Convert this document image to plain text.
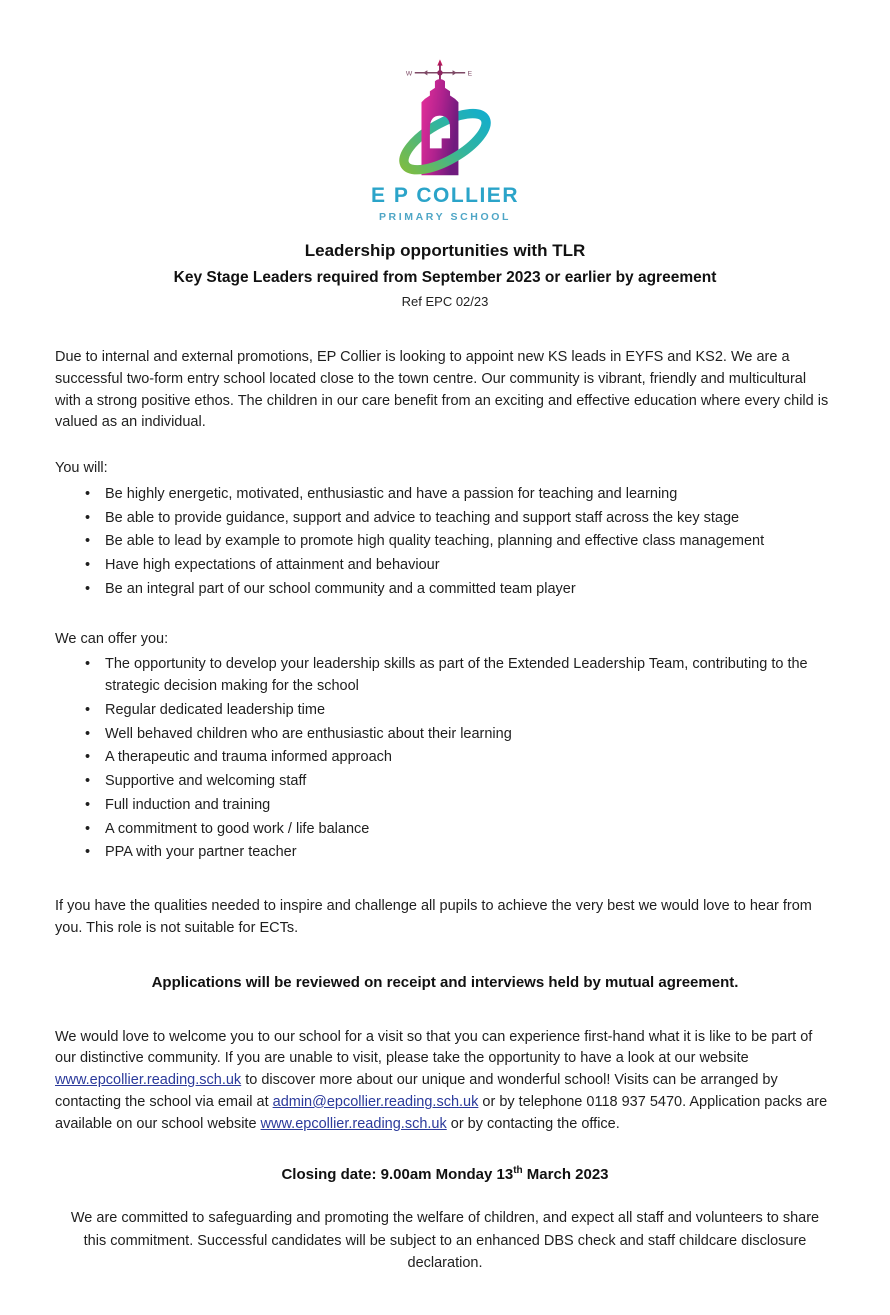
W	E
E P COLLIER
PRIMARY SCHOOL
Leadership opportunities with TLR
Key Stage Leaders required from September 2023 or earlier by agreement
Ref EPC 02/23

Due to internal and external promotions, EP Collier is looking to appoint new KS leads in EYFS and KS2. We are a successful two-form entry school located close to the town centre. Our community is vibrant, friendly and multicultural with a strong positive ethos. The children in our care benefit from an exciting and effective education where every child is valued as an individual.

You will:

• Be highly energetic, motivated, enthusiastic and have a passion for teaching and learning
• Be able to provide guidance, support and advice to teaching and support staff across the key stage
• Be able to lead by example to promote high quality teaching, planning and effective class management
• Have high expectations of attainment and behaviour
• Be an integral part of our school community and a committed team player

We can offer you:

• The opportunity to develop your leadership skills as part of the Extended Leadership Team, contributing to the strategic decision making for the school
• Regular dedicated leadership time
• Well behaved children who are enthusiastic about their learning
• A therapeutic and trauma informed approach
• Supportive and welcoming staff
• Full induction and training
• A commitment to good work / life balance
• PPA with your partner teacher

If you have the qualities needed to inspire and challenge all pupils to achieve the very best we would love to hear from you. This role is not suitable for ECTs.

Applications will be reviewed on receipt and interviews held by mutual agreement.

We would love to welcome you to our school for a visit so that you can experience first-hand what it is like to be part of our distinctive community. If you are unable to visit, please take the opportunity to have a look at our website www.epcollier.reading.sch.uk to discover more about our unique and wonderful school! Visits can be arranged by contacting the school via email at admin@epcollier.reading.sch.uk or by telephone 0118 937 5470. Application packs are available on our school website www.epcollier.reading.sch.uk or by contacting the office.

Closing date: 9.00am Monday 13th March 2023

We are committed to safeguarding and promoting the welfare of children, and expect all staff and volunteers to share this commitment. Successful candidates will be subject to an enhanced DBS check and staff childcare disclosure declaration.
